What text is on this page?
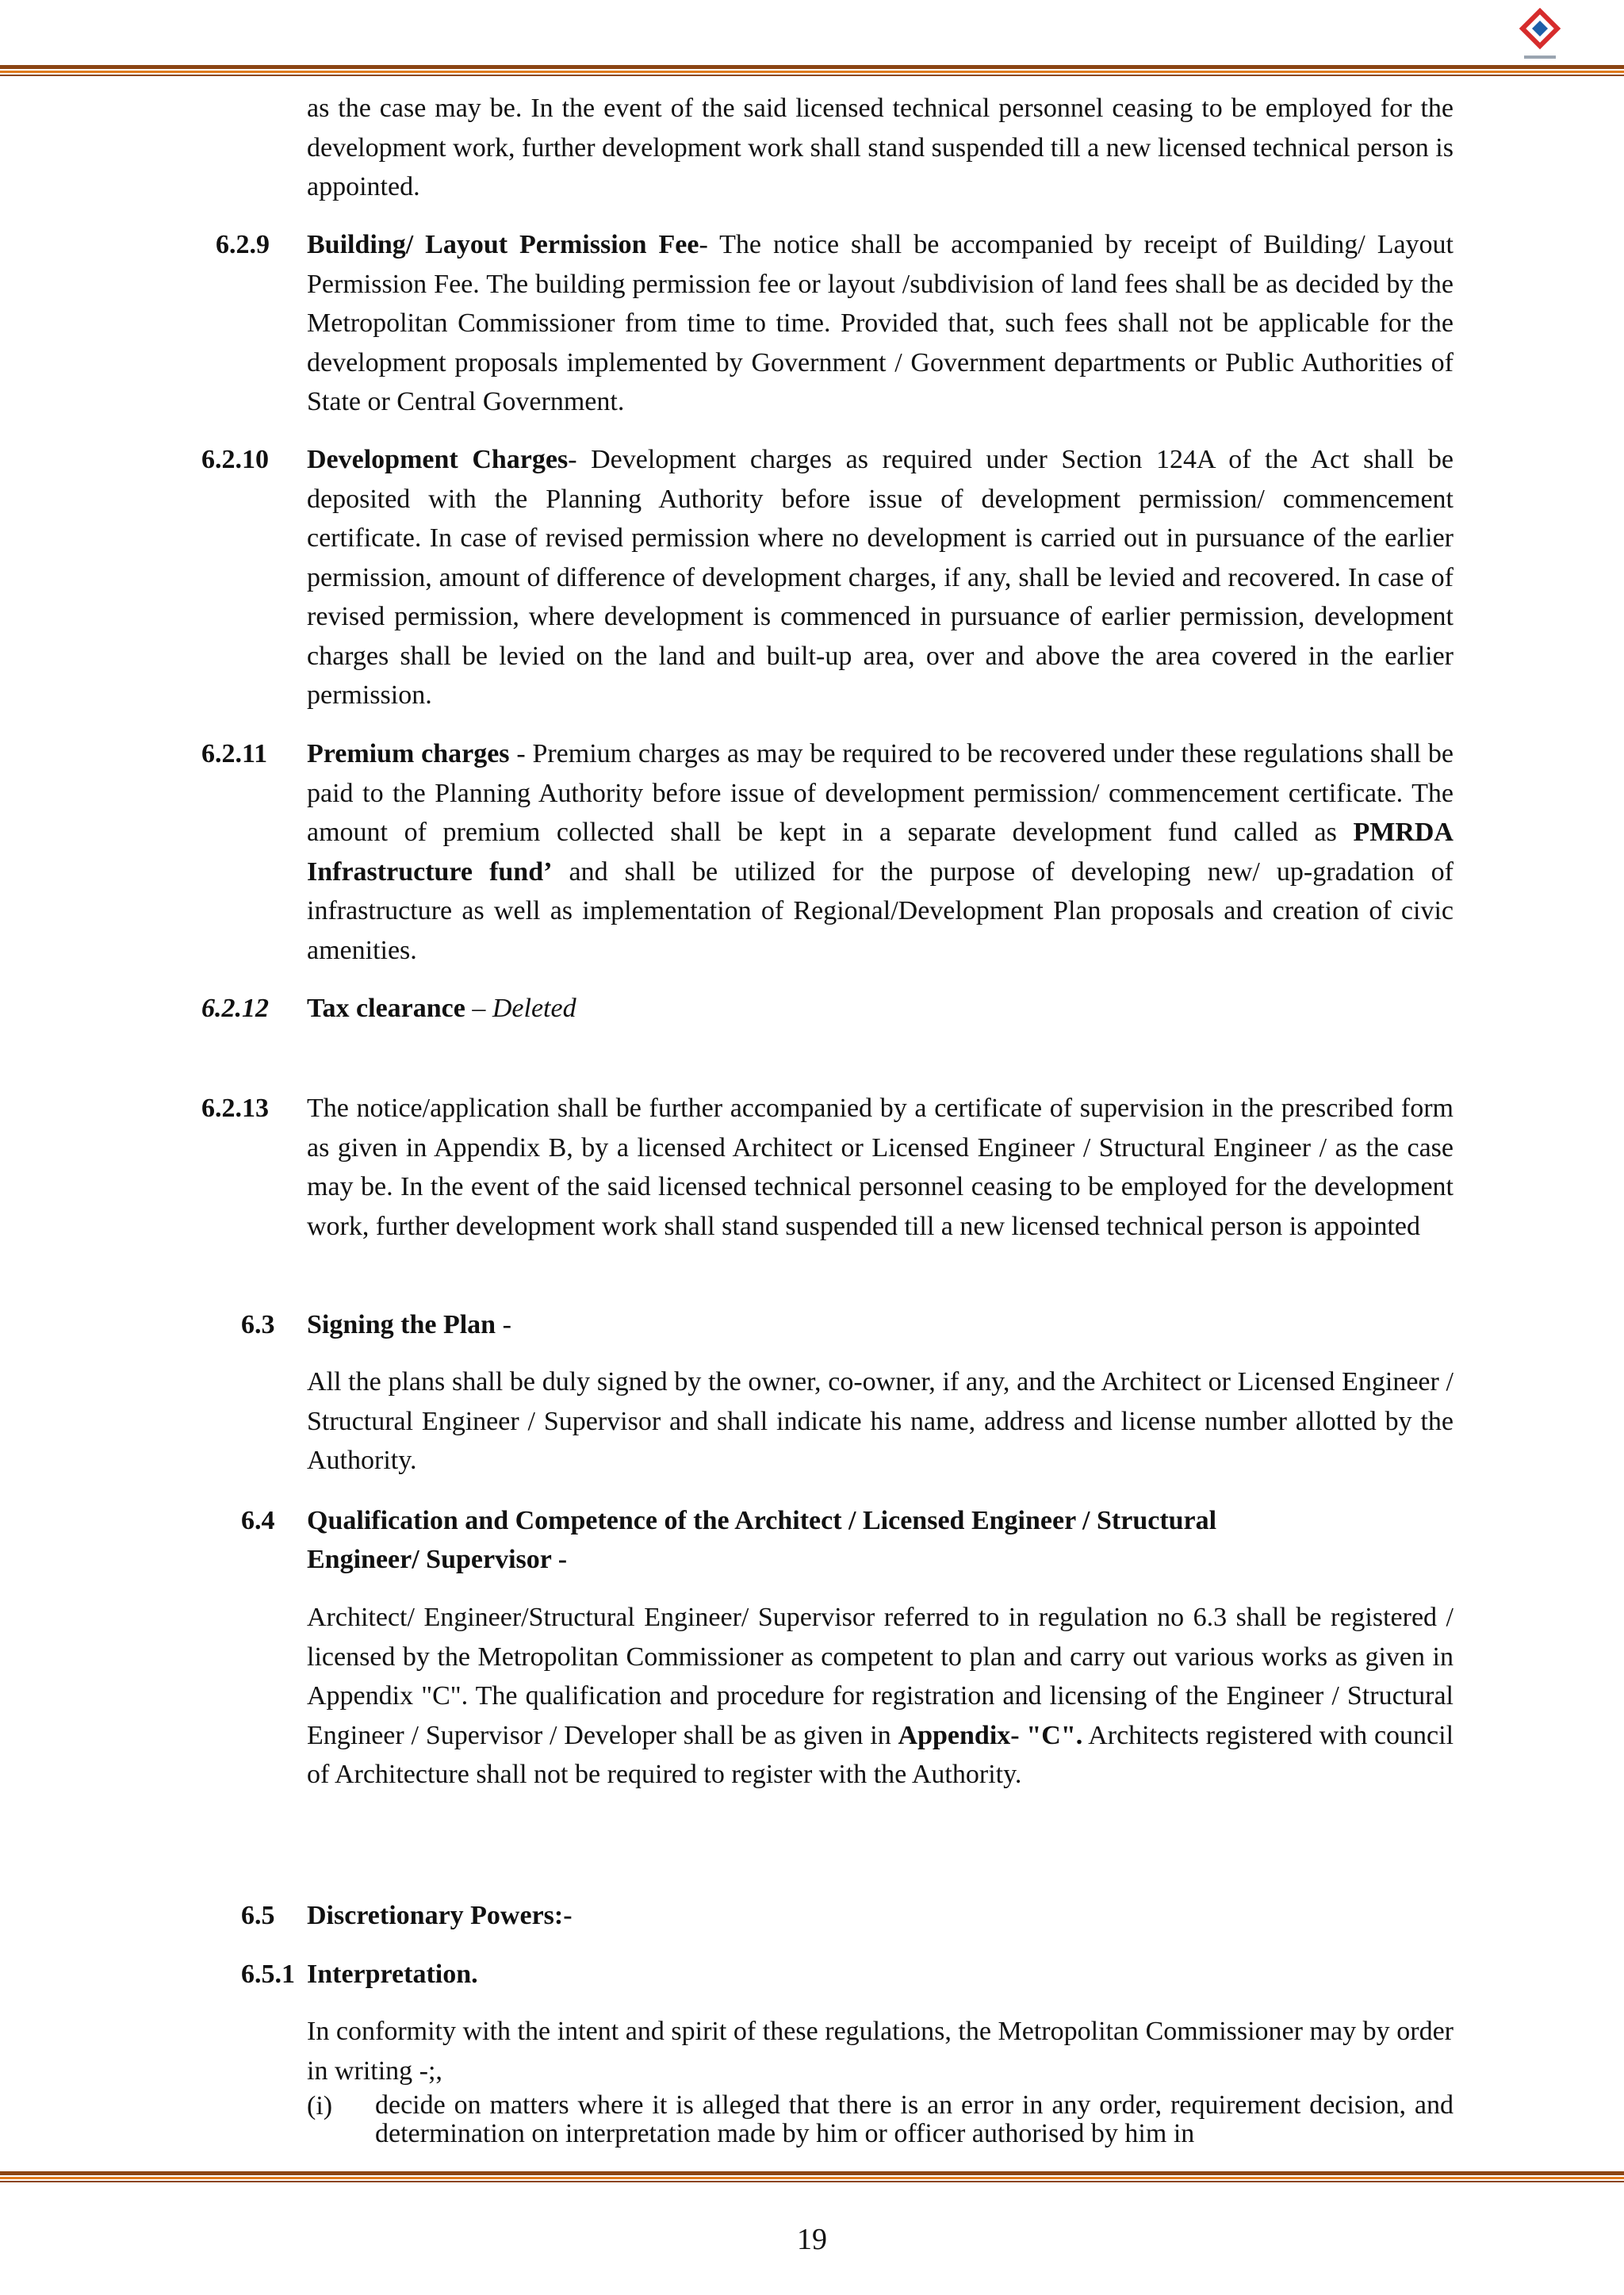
as the case may be. In the event of the said licensed technical personnel ceasing to be employed for the development work, further development work shall stand suspended till a new licensed technical person is appointed.
6.2.9 Building/ Layout Permission Fee- The notice shall be accompanied by receipt of Building/ Layout Permission Fee. The building permission fee or layout /subdivision of land fees shall be as decided by the Metropolitan Commissioner from time to time. Provided that, such fees shall not be applicable for the development proposals implemented by Government / Government departments or Public Authorities of State or Central Government.
6.2.10 Development Charges- Development charges as required under Section 124A of the Act shall be deposited with the Planning Authority before issue of development permission/ commencement certificate. In case of revised permission where no development is carried out in pursuance of the earlier permission, amount of difference of development charges, if any, shall be levied and recovered. In case of revised permission, where development is commenced in pursuance of earlier permission, development charges shall be levied on the land and built-up area, over and above the area covered in the earlier permission.
6.2.11 Premium charges - Premium charges as may be required to be recovered under these regulations shall be paid to the Planning Authority before issue of development permission/ commencement certificate. The amount of premium collected shall be kept in a separate development fund called as PMRDA Infrastructure fund’ and shall be utilized for the purpose of developing new/ up-gradation of infrastructure as well as implementation of Regional/Development Plan proposals and creation of civic amenities.
6.2.12 Tax clearance – Deleted
6.2.13 The notice/application shall be further accompanied by a certificate of supervision in the prescribed form as given in Appendix B, by a licensed Architect or Licensed Engineer / Structural Engineer / as the case may be. In the event of the said licensed technical personnel ceasing to be employed for the development work, further development work shall stand suspended till a new licensed technical person is appointed
6.3 Signing the Plan -
All the plans shall be duly signed by the owner, co-owner, if any, and the Architect or Licensed Engineer / Structural Engineer / Supervisor and shall indicate his name, address and license number allotted by the Authority.
6.4 Qualification and Competence of the Architect / Licensed Engineer / Structural
Engineer/ Supervisor -
Architect/ Engineer/Structural Engineer/ Supervisor referred to in regulation no 6.3 shall be registered / licensed by the Metropolitan Commissioner as competent to plan and carry out various works as given in Appendix "C". The qualification and procedure for registration and licensing of the Engineer / Structural Engineer / Supervisor / Developer shall be as given in Appendix- "C". Architects registered with council of Architecture shall not be required to register with the Authority.
6.5 Discretionary Powers:-
6.5.1 Interpretation.
In conformity with the intent and spirit of these regulations, the Metropolitan Commissioner may by order in writing -;,
(i) decide on matters where it is alleged that there is an error in any order, requirement decision, and determination on interpretation made by him or officer authorised by him in
19
